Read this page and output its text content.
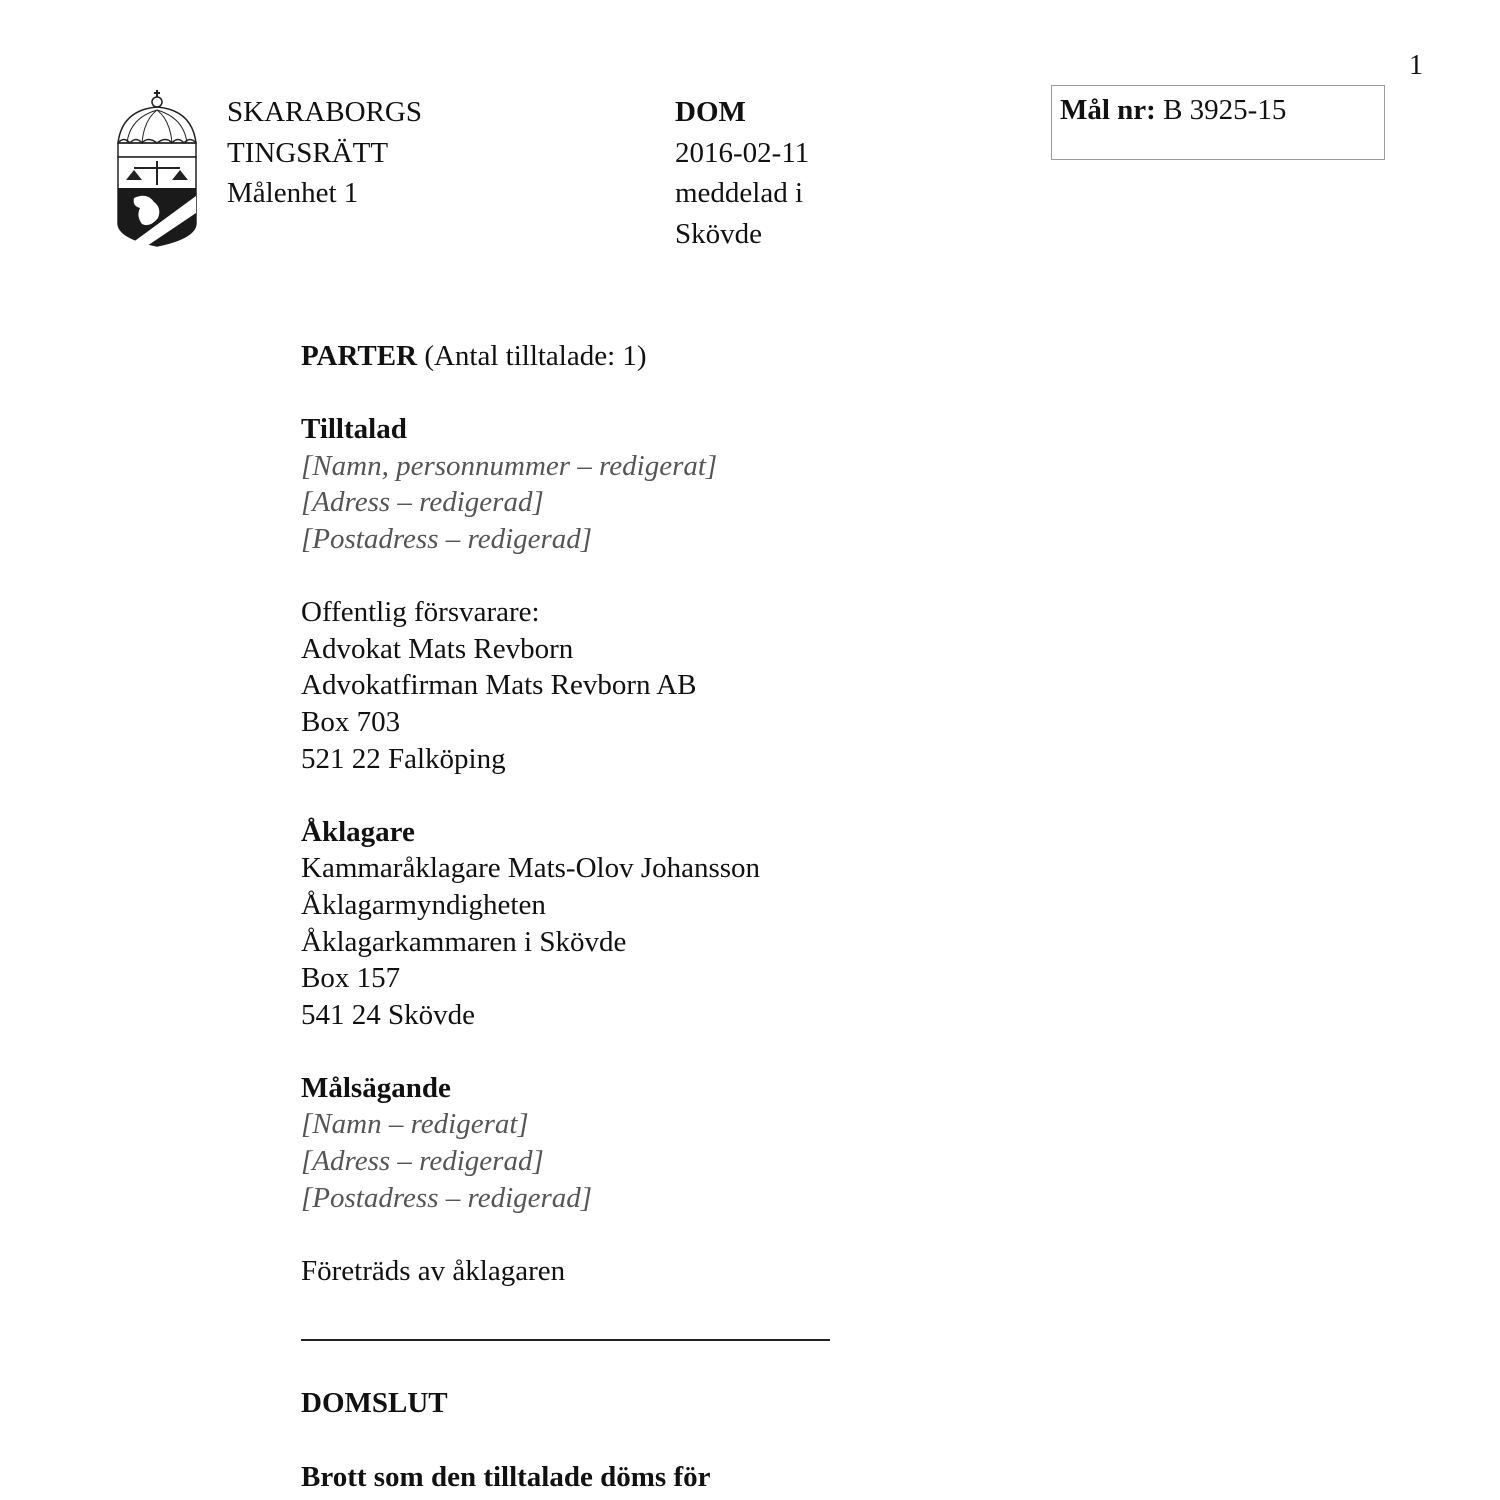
1
SKARABORGS
TINGSRÄTT
Målenhet 1
DOM
2016-02-11
meddelad i
Skövde
Mål nr: B 3925-15
PARTER (Antal tilltalade: 1)
Tilltalad
[Namn, personnummer – redigerat]
[Adress – redigerad]
[Postadress – redigerad]
Offentlig försvarare:
Advokat Mats Revborn
Advokatfirman Mats Revborn AB
Box 703
521 22 Falköping
Åklagare
Kammaråklagare Mats-Olov Johansson
Åklagarmyndigheten
Åklagarkammaren i Skövde
Box 157
541 24 Skövde
Målsägande
[Namn – redigerat]
[Adress – redigerad]
[Postadress – redigerad]
Företräds av åklagaren
DOMSLUT
Brott som den tilltalade döms för
